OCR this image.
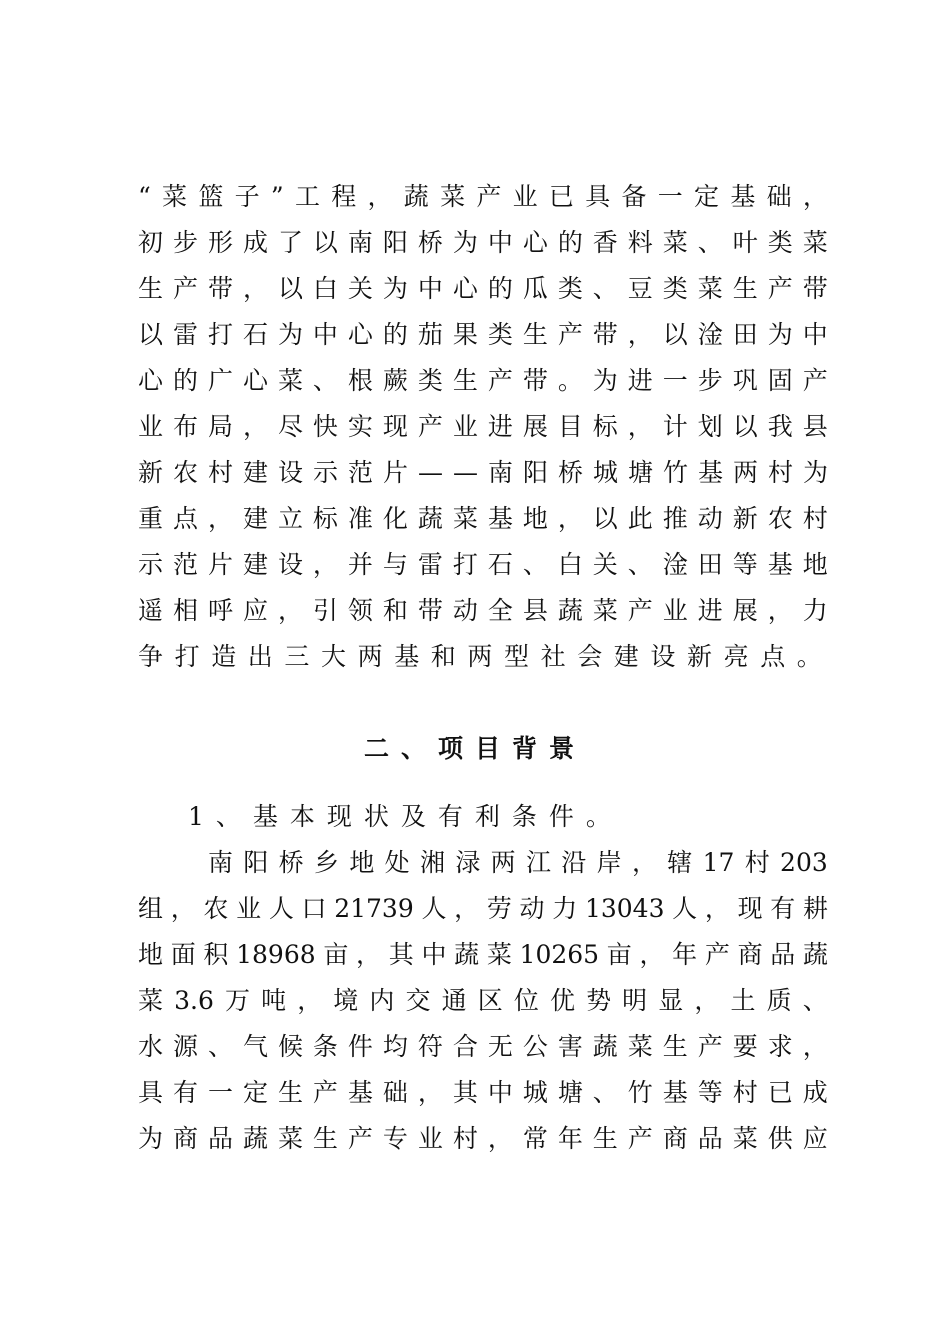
“ 菜 篮 子 ” 工 程 ， 蔬 菜 产 业 已 具 备 一 定 基 础 ，
初 步 形 成 了 以 南 阳 桥 为 中 心 的 香 料 菜 、 叶 类 菜
生 产 带 ， 以 白 关 为 中 心 的 瓜 类 、 豆 类 菜 生 产 带
以 雷 打 石 为 中 心 的 茄 果 类 生 产 带 ， 以 淦 田 为 中
心 的 广 心 菜 、 根 蕨 类 生 产 带 。 为 进 一 步 巩 固 产
业 布 局 ， 尽 快 实 现 产 业 进 展 目 标 ， 计 划 以 我 县
新 农 村 建 设 示 范 片 — — 南 阳 桥 城 塘 竹 基 两 村 为
重 点 ， 建 立 标 准 化 蔬 菜 基 地 ， 以 此 推 动 新 农 村
示 范 片 建 设 ， 并 与 雷 打 石 、 白 关 、 淦 田 等 基 地
遥 相 呼 应 ， 引 领 和 带 动 全 县 蔬 菜 产 业 进 展 ， 力
争打造出三大两基和两型社会建设新亮点。
二、项目背景
1、基本现状及有利条件。
南 阳 桥 乡 地 处 湘 渌 两 江 沿 岸 ， 辖 17 村 203
组 ， 农 业 人 口 21739 人 ， 劳 动 力 13043 人 ， 现 有 耕
地 面 积 18968 亩 ， 其 中 蔬 菜 10265 亩 ， 年 产 商 品 蔬
菜 3.6 万 吨 ， 境 内 交 通 区 位 优 势 明 显 ， 土 质 、
水 源 、 气 候 条 件 均 符 合 无 公 害 蔬 菜 生 产 要 求 ，
具 有 一 定 生 产 基 础 ， 其 中 城 塘 、 竹 基 等 村 已 成
为 商 品 蔬 菜 生 产 专 业 村 ， 常 年 生 产 商 品 菜 供 应
